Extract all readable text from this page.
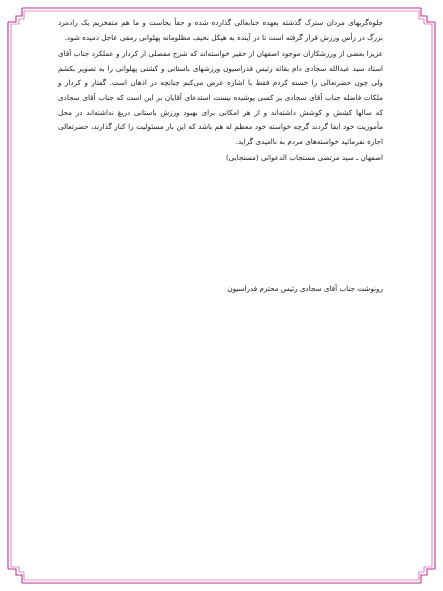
جلوه‌گریهای مردان سترک گذشته بعهده جنابعالی گذارده شده و حقاً بجاست و ما هم متفخریم یک رادمرد بزرگ در رأس ورزش قرار گرفته است تا در آینده به هیکل نحیف مظلومانه پهلوانی رمقی عاجل دمیده شود.

عزیزا بعضی از ورزشکاران موجود اصفهان از حقیر خواسته‌اند که شرح مفصلی از کردار و عملکرد جناب آقای استاد سید عبدالله سجادی دام بقائه رئیس فدراسیون ورزشهای باستانی و کشتی پهلوانی را به تصویر بکشم ولی چون حضرتعالی را خسته کردم فقط با اشاره عرض می‌کنم چنانچه در اذهان است. گفتار و کردار و ملکات فاضله جناب آقای سجادی بر کسی پوشیده نیست استدعای آقایان بر این است که جناب آقای سجادی که سالها کشش و کوشش داشته‌اند و از هر امکانی برای بهبود ورزش باستانی دریغ نداشته‌اند در محل مأموریت خود ابقا گردند گرچه خواسته خود معظم له هم باشد که این بار مسئولیت را کنار گذارند، حضرتعالی اجازه نفرمائید خواسته‌های مردم به ناامیدی گراید.

اصفهان ـ سید مرتضی مستجاب الدعواتی (مستجابی)

رونوشت جناب آقای سجادی رئیس محترم فدراسیون
